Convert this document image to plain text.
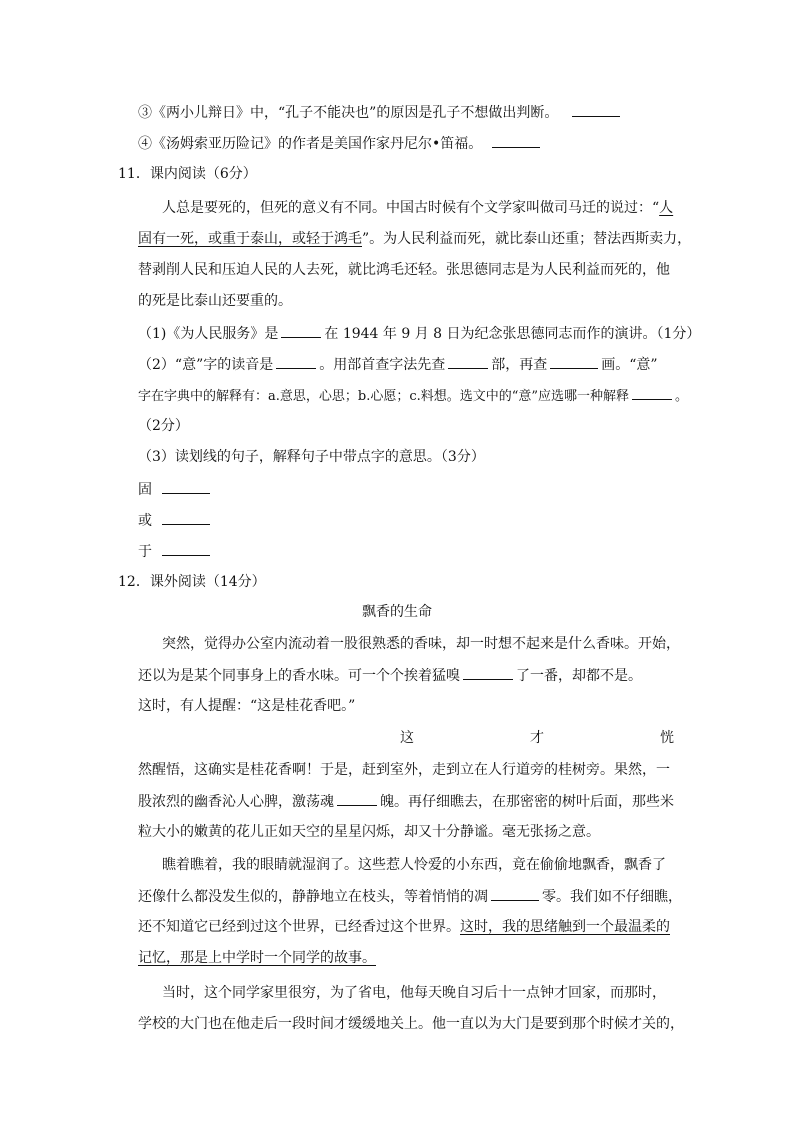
③《两小儿辩日》中，“孔子不能决也”的原因是孔子不想做出判断。
④《汤姆索亚历险记》的作者是美国作家丹尼尔•笛福。
11．课内阅读（6分）
人总是要死的，但死的意义有不同。中国古时候有个文学家叫做司马迁的说过：“人
固有一死，或重于泰山，或轻于鸿毛”。为人民利益而死，就比泰山还重；替法西斯卖力，
替剥削人民和压迫人民的人去死，就比鸿毛还轻。张思德同志是为人民利益而死的，他
的死是比泰山还要重的。
（1)《为人民服务》是	在 1944 年 9 月 8 日为纪念张思德同志而作的演讲。（1分）
（2）“意”字的读音是	。用部首查字法先查	部，再查	画。“意”
字在字典中的解释有：a.意思，心思；b.心愿；c.料想。选文中的“意”应选哪一种解释	。
（2分）
（3）读划线的句子，解释句子中带点字的意思。（3分）
固
或
于
12．课外阅读（14分）
飘香的生命
突然，觉得办公室内流动着一股很熟悉的香味，却一时想不起来是什么香味。开始，
还以为是某个同事身上的香水味。可一个个挨着猛嗅	了一番，却都不是。
这时，有人提醒：“这是桂花香吧。”
这	才	恍
然醒悟，这确实是桂花香啊！于是，赶到室外，走到立在人行道旁的桂树旁。果然，一
股浓烈的幽香沁人心脾，激荡魂	魄。再仔细瞧去，在那密密的树叶后面，那些米
粒大小的嫩黄的花儿正如天空的星星闪烁，却又十分静谧。毫无张扬之意。
瞧着瞧着，我的眼睛就湿润了。这些惹人怜爱的小东西，竟在偷偷地飘香，飘香了
还像什么都没发生似的，静静地立在枝头，等着悄悄的凋	零。我们如不仔细瞧，
还不知道它已经到过这个世界，已经香过这个世界。这时，我的思绪触到一个最温柔的
记忆，那是上中学时一个同学的故事。
当时，这个同学家里很穷，为了省电，他每天晚自习后十一点钟才回家，而那时，
学校的大门也在他走后一段时间才缓缓地关上。他一直以为大门是要到那个时候才关的，
